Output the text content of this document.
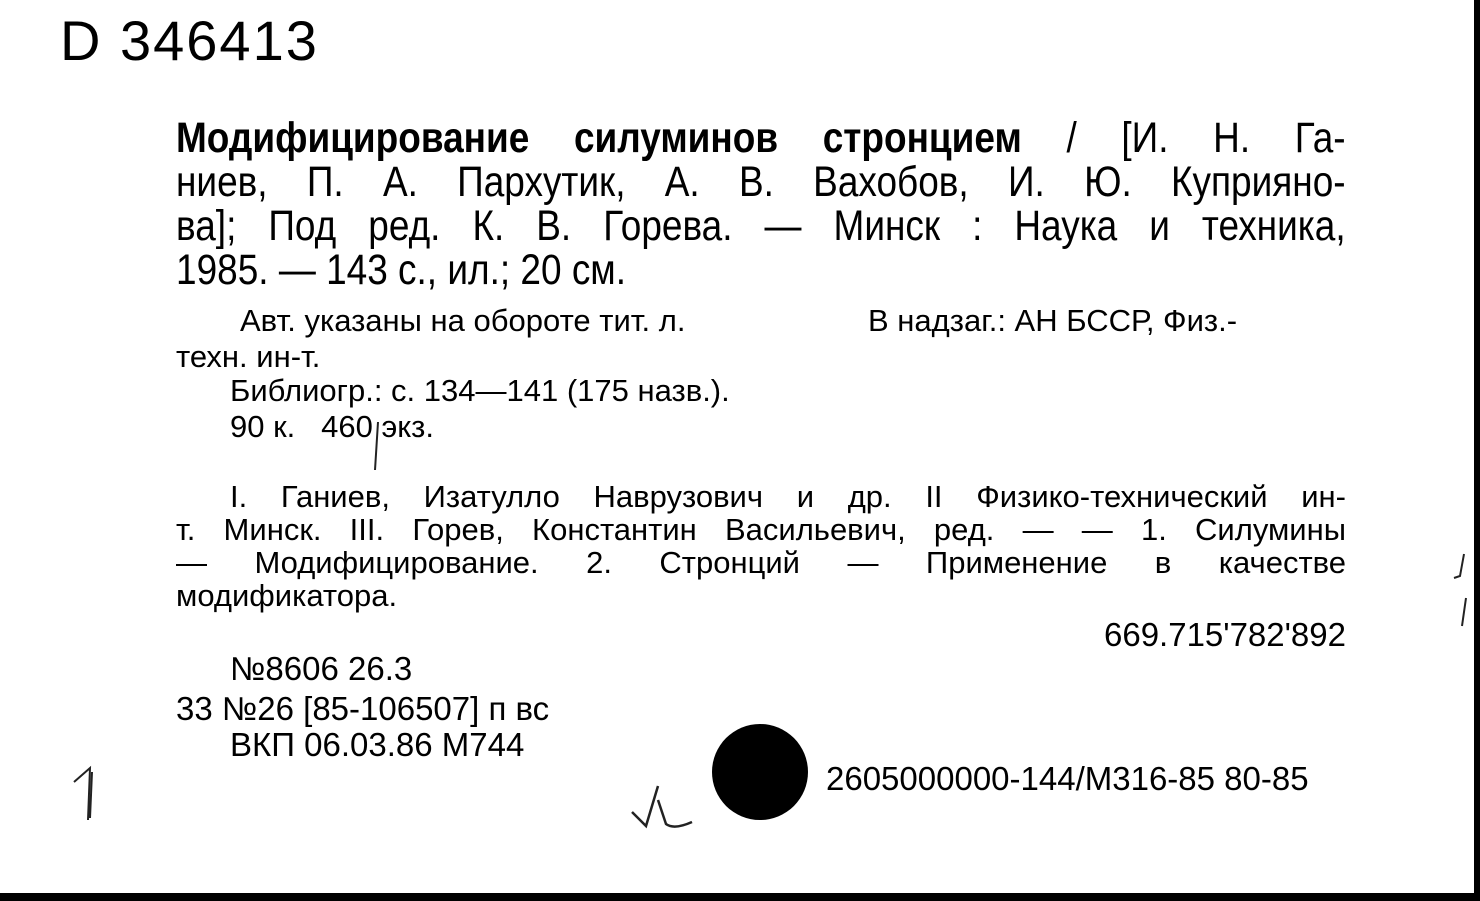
D 346413
Модифицирование силуминов стронцием / [И. Н. Га-
ниев, П. А. Пархутик, А. В. Вахобов, И. Ю. Куприяно-
ва]; Под ред. К. В. Горева. — Минск : Наука и техника,
1985. — 143 с., ил.; 20 см.
Авт. указаны на обороте тит. л.	В надзаг.: АН БССР, Физ.-
техн. ин-т.
Библиогр.: с. 134—141 (175 назв.).
90 к.   460 экз.
I. Ганиев, Изатулло Наврузович и др. II Физико-технический ин-
т. Минск. III. Горев, Константин Васильевич, ред. — — 1. Силумины
— Модифицирование. 2. Стронций — Применение в качестве
модификатора.
669.715'782'892
№8606 26.3
33 №26 [85-106507] п вс
ВКП 06.03.86 М744
2605000000-144/М316-85 80-85
